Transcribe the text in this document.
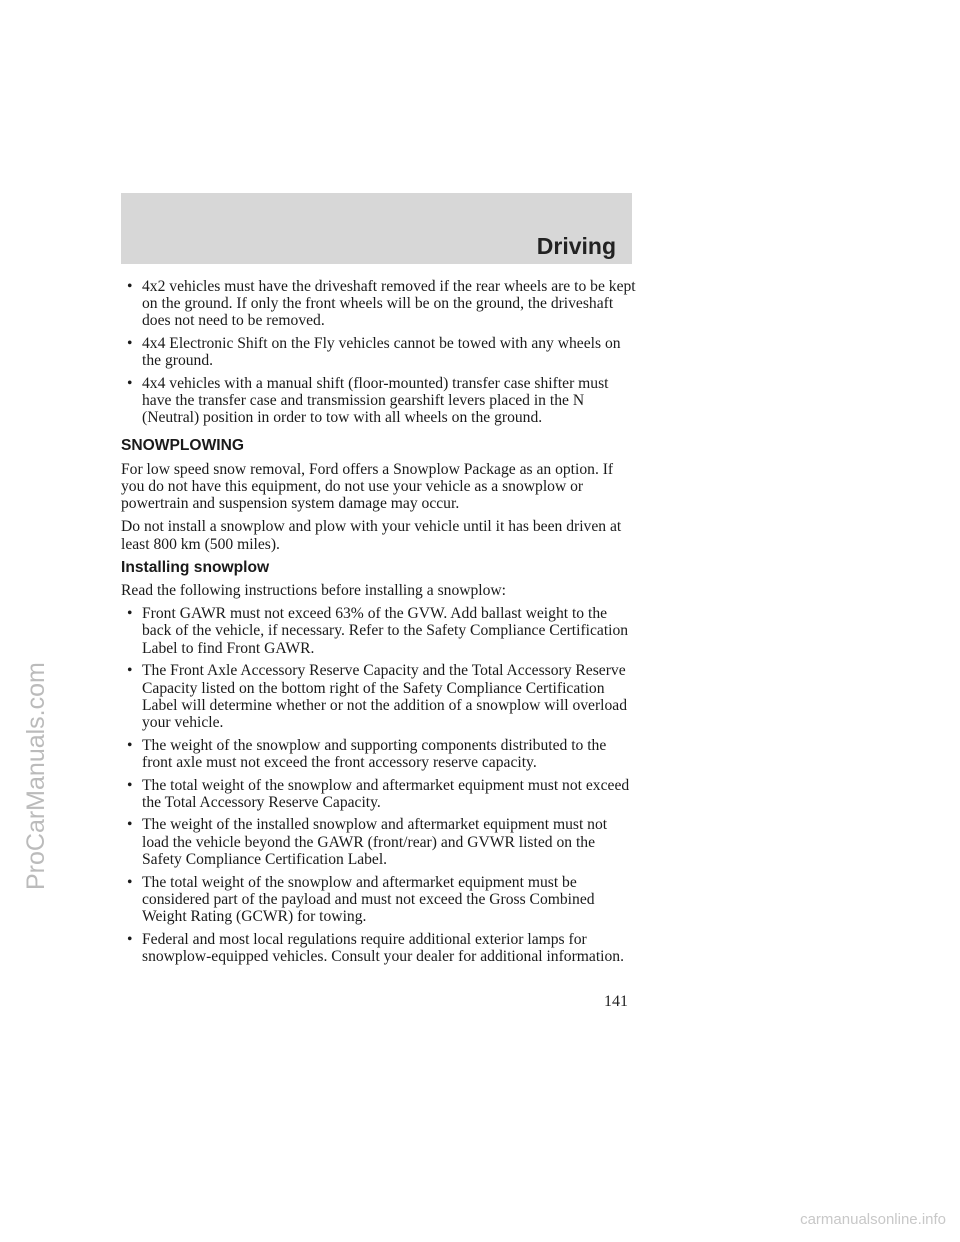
Driving
• 4x2 vehicles must have the driveshaft removed if the rear wheels are to be kept on the ground. If only the front wheels will be on the ground, the driveshaft does not need to be removed.
• 4x4 Electronic Shift on the Fly vehicles cannot be towed with any wheels on the ground.
• 4x4 vehicles with a manual shift (floor-mounted) transfer case shifter must have the transfer case and transmission gearshift levers placed in the N (Neutral) position in order to tow with all wheels on the ground.
SNOWPLOWING

For low speed snow removal, Ford offers a Snowplow Package as an option. If you do not have this equipment, do not use your vehicle as a snowplow or powertrain and suspension system damage may occur.

Do not install a snowplow and plow with your vehicle until it has been driven at least 800 km (500 miles).

Installing snowplow

Read the following instructions before installing a snowplow:

• Front GAWR must not exceed 63% of the GVW. Add ballast weight to the back of the vehicle, if necessary. Refer to the Safety Compliance Certification Label to find Front GAWR.
• The Front Axle Accessory Reserve Capacity and the Total Accessory Reserve Capacity listed on the bottom right of the Safety Compliance Certification Label will determine whether or not the addition of a snowplow will overload your vehicle.
• The weight of the snowplow and supporting components distributed to the front axle must not exceed the front accessory reserve capacity.
• The total weight of the snowplow and aftermarket equipment must not exceed the Total Accessory Reserve Capacity.
• The weight of the installed snowplow and aftermarket equipment must not load the vehicle beyond the GAWR (front/rear) and GVWR listed on the Safety Compliance Certification Label.
• The total weight of the snowplow and aftermarket equipment must be considered part of the payload and must not exceed the Gross Combined Weight Rating (GCWR) for towing.
• Federal and most local regulations require additional exterior lamps for snowplow-equipped vehicles. Consult your dealer for additional information.
141
ProCarManuals.com
carmanualsonline.info
